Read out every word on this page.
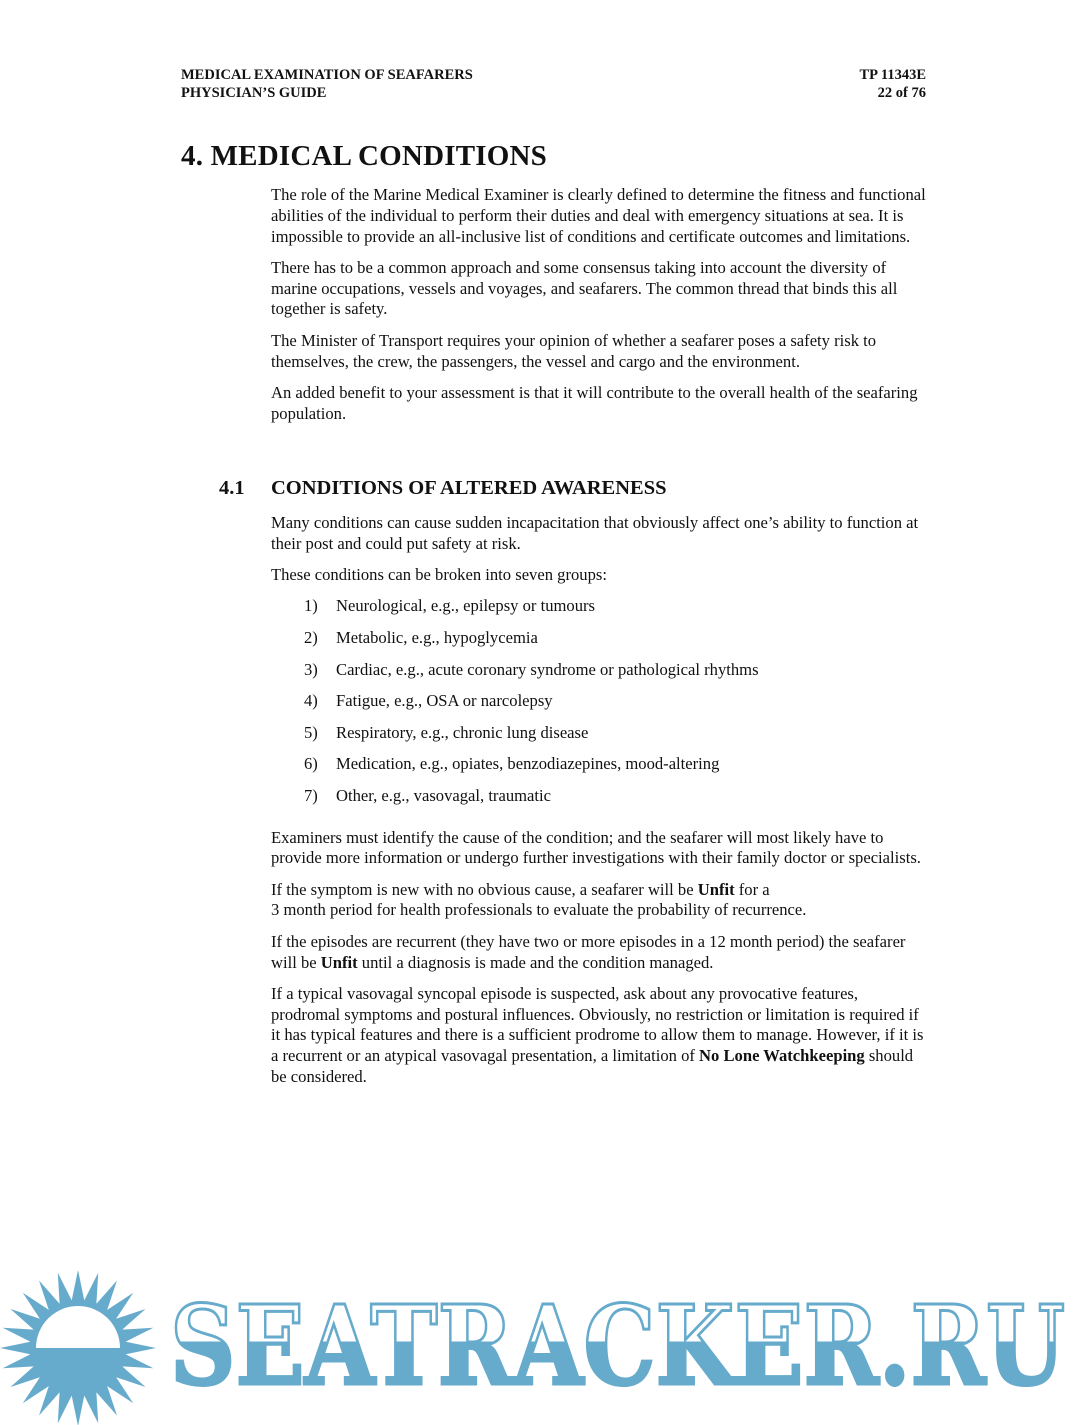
MEDICAL EXAMINATION OF SEAFARERS
PHYSICIAN’S GUIDE
TP 11343E
22 of 76
4. MEDICAL CONDITIONS

The role of the Marine Medical Examiner is clearly defined to determine the fitness and functional abilities of the individual to perform their duties and deal with emergency situations at sea. It is impossible to provide an all-inclusive list of conditions and certificate outcomes and limitations.

There has to be a common approach and some consensus taking into account the diversity of marine occupations, vessels and voyages, and seafarers. The common thread that binds this all together is safety.

The Minister of Transport requires your opinion of whether a seafarer poses a safety risk to themselves, the crew, the passengers, the vessel and cargo and the environment.

An added benefit to your assessment is that it will contribute to the overall health of the seafaring population.

4.1 CONDITIONS OF ALTERED AWARENESS

Many conditions can cause sudden incapacitation that obviously affect one’s ability to function at their post and could put safety at risk.

These conditions can be broken into seven groups:

1) Neurological, e.g., epilepsy or tumours
2) Metabolic, e.g., hypoglycemia
3) Cardiac, e.g., acute coronary syndrome or pathological rhythms
4) Fatigue, e.g., OSA or narcolepsy
5) Respiratory, e.g., chronic lung disease
6) Medication, e.g., opiates, benzodiazepines, mood-altering
7) Other, e.g., vasovagal, traumatic

Examiners must identify the cause of the condition; and the seafarer will most likely have to provide more information or undergo further investigations with their family doctor or specialists.

If the symptom is new with no obvious cause, a seafarer will be Unfit for a
3 month period for health professionals to evaluate the probability of recurrence.

If the episodes are recurrent (they have two or more episodes in a 12 month period) the seafarer will be Unfit until a diagnosis is made and the condition managed.

If a typical vasovagal syncopal episode is suspected, ask about any provocative features, prodromal symptoms and postural influences. Obviously, no restriction or limitation is required if it has typical features and there is a sufficient prodrome to allow them to manage. However, if it is a recurrent or an atypical vasovagal presentation, a limitation of No Lone Watchkeeping should be considered.

SEATRACKER.RU
